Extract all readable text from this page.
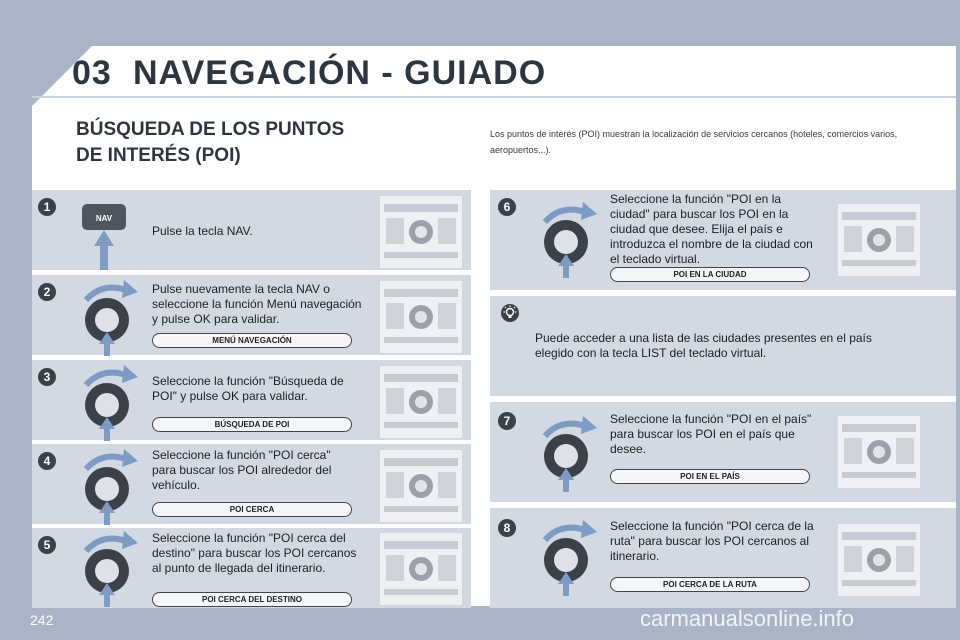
03 NAVEGACIÓN - GUIADO
BÚSQUEDA DE LOS PUNTOS
DE INTERÉS (POI)
Los puntos de interés (POI) muestran la localización de servicios cercanos (hoteles, comercios varios, aeropuertos...).
1
2
3
4
5
6
7
8
NAV
Pulse la tecla NAV.
Pulse nuevamente la tecla NAV o seleccione la función Menú navegación y pulse OK para validar.
Seleccione la función "Búsqueda de POI" y pulse OK para validar.
Seleccione la función "POI cerca" para buscar los POI alrededor del vehículo.
Seleccione la función "POI cerca del destino" para buscar los POI cercanos al punto de llegada del itinerario.
Seleccione la función "POI en la ciudad" para buscar los POI en la ciudad que desee. Elija el país e introduzca el nombre de la ciudad con el teclado virtual.
Seleccione la función "POI en el país" para buscar los POI en el país que desee.
Seleccione la función "POI cerca de la ruta" para buscar los POI cercanos al itinerario.
MENÚ NAVEGACIÓN
BÚSQUEDA DE POI
POI CERCA
POI CERCA DEL DESTINO
POI EN LA CIUDAD
POI EN EL PAÍS
POI CERCA DE LA RUTA
Puede acceder a una lista de las ciudades presentes en el país elegido con la tecla LIST del teclado virtual.
242	carmanualsonline.info
